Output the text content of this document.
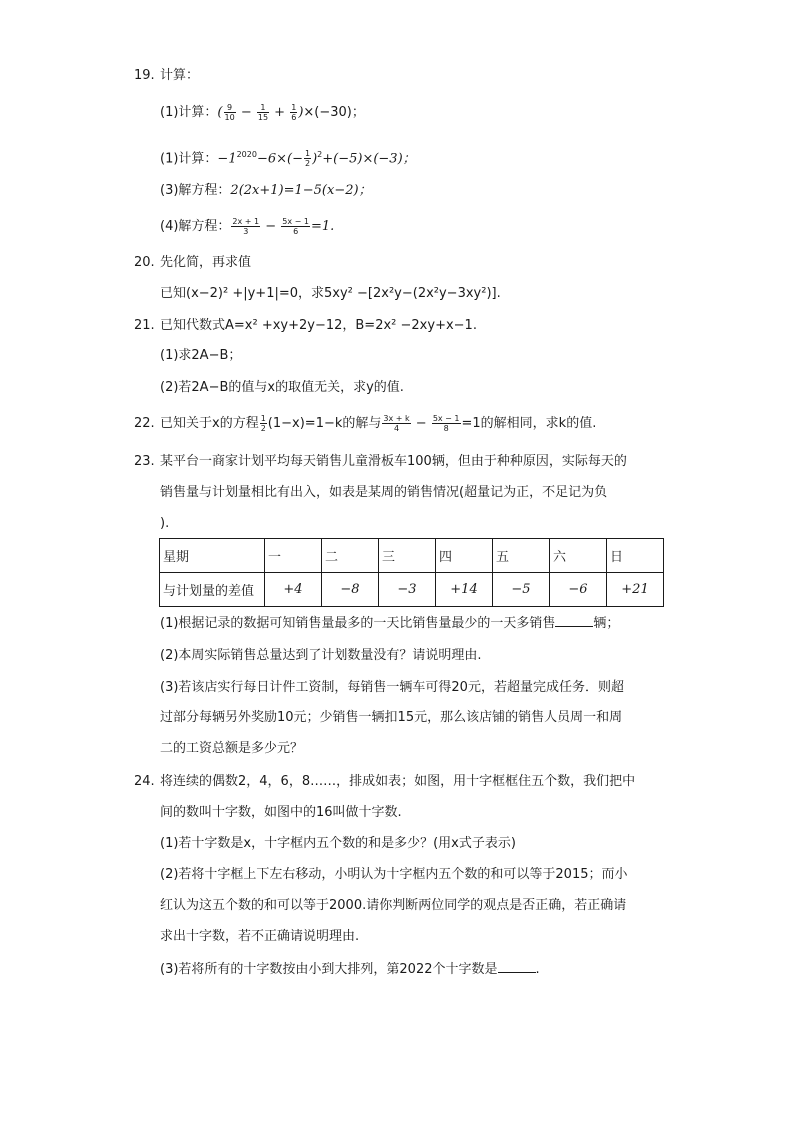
19. 计算：
(1)计算：( $\frac{9}{10} - \frac{1}{15} + \frac{1}{6} )\times(-30)$；
(1)计算：$-1^{2020}-6\times(- \frac{1}{2} )^2+(-5)\times(-3)$；
(3)解方程：2(2x+1)=1−5(x−2)；
(4)解方程： $\frac{2x + 1}{3} - \frac{5x - 1}{6} =1$.
20. 先化简，再求值
已知(x−2)² +|y+1|=0，求5xy² −[2x²y−(2x²y−3xy²)].
21. 已知代数式A=x² +xy+2y−12，B=2x² −2xy+x−1.
(1)求2A−B；
(2)若2A−B的值与x的取值无关，求y的值.
22. 已知关于x的方程 $\frac{1}{2} (1-x)=1-k$的解与 $\frac{3x + k}{4} - \frac{5x - 1}{8} =1$的解相同，求k的值.
23. 某平台一商家计划平均每天销售儿童滑板车100辆，但由于种种原因，实际每天的
销售量与计划量相比有出入，如表是某周的销售情况(超量记为正，不足记为负
).
星期	一	二	三	四	五	六	日
与计划量的差值	+4	−8	−3	+14	−5	−6	+21
(1)根据记录的数据可知销售量最多的一天比销售量最少的一天多销售	辆；
(2)本周实际销售总量达到了计划数量没有？请说明理由.
(3)若该店实行每日计件工资制，每销售一辆车可得20元，若超量完成任务．则超
过部分每辆另外奖励10元；少销售一辆扣15元，那么该店铺的销售人员周一和周
二的工资总额是多少元？
24. 将连续的偶数2，4，6，8……，排成如表；如图，用十字框框住五个数，我们把中
间的数叫十字数，如图中的16叫做十字数.
(1)若十字数是x，十字框内五个数的和是多少？(用x式子表示)
(2)若将十字框上下左右移动，小明认为十字框内五个数的和可以等于2015；而小
红认为这五个数的和可以等于2000.请你判断两位同学的观点是否正确，若正确请
求出十字数，若不正确请说明理由.
(3)若将所有的十字数按由小到大排列，第2022个十字数是	.
